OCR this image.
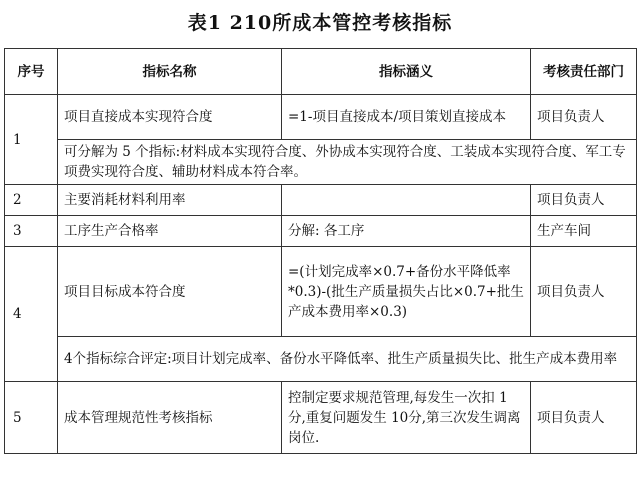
表1 210所成本管控考核指标
序号	指标名称	指标涵义	考核责任部门
1	项目直接成本实现符合度	=1-项目直接成本/项目策划直接成本	项目负责人
	可分解为 5 个指标:材料成本实现符合度、外协成本实现符合度、工装成本实现符合度、军工专项费实现符合度、辅助材料成本符合率。		
2	主要消耗材料利用率		项目负责人
3	工序生产合格率	分解: 各工序	生产车间
4	项目目标成本符合度	=(计划完成率×0.7+备份水平降低率*0.3)-(批生产质量损失占比×0.7+批生产成本费用率×0.3)	项目负责人
	4个指标综合评定:项目计划完成率、备份水平降低率、批生产质量损失比、批生产成本费用率		
5	成本管理规范性考核指标	控制定要求规范管理,每发生一次扣 1分,重复问题发生 10分,第三次发生调离岗位.	项目负责人
